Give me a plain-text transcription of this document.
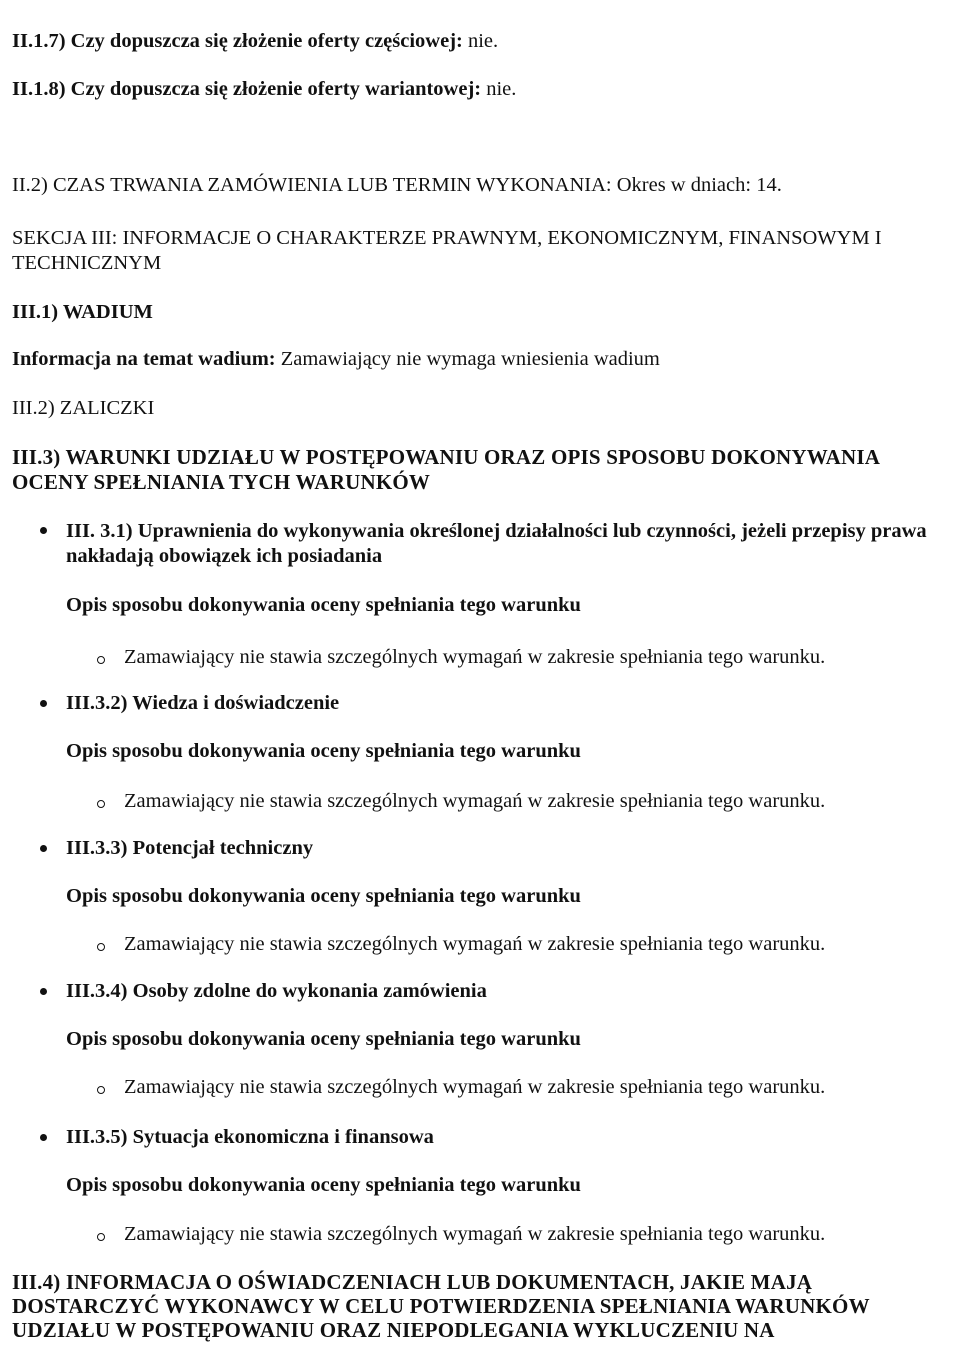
II.1.7) Czy dopuszcza się złożenie oferty częściowej: nie.

II.1.8) Czy dopuszcza się złożenie oferty wariantowej: nie.

II.2) CZAS TRWANIA ZAMÓWIENIA LUB TERMIN WYKONANIA: Okres w dniach: 14.

SEKCJA III: INFORMACJE O CHARAKTERZE PRAWNYM, EKONOMICZNYM, FINANSOWYM I TECHNICZNYM

III.1) WADIUM

Informacja na temat wadium: Zamawiający nie wymaga wniesienia wadium

III.2) ZALICZKI

III.3) WARUNKI UDZIAŁU W POSTĘPOWANIU ORAZ OPIS SPOSOBU DOKONYWANIA OCENY SPEŁNIANIA TYCH WARUNKÓW

III. 3.1) Uprawnienia do wykonywania określonej działalności lub czynności, jeżeli przepisy prawa nakładają obowiązek ich posiadania

Opis sposobu dokonywania oceny spełniania tego warunku

Zamawiający nie stawia szczególnych wymagań w zakresie spełniania tego warunku.

III.3.2) Wiedza i doświadczenie

Opis sposobu dokonywania oceny spełniania tego warunku

Zamawiający nie stawia szczególnych wymagań w zakresie spełniania tego warunku.

III.3.3) Potencjał techniczny

Opis sposobu dokonywania oceny spełniania tego warunku

Zamawiający nie stawia szczególnych wymagań w zakresie spełniania tego warunku.

III.3.4) Osoby zdolne do wykonania zamówienia

Opis sposobu dokonywania oceny spełniania tego warunku

Zamawiający nie stawia szczególnych wymagań w zakresie spełniania tego warunku.

III.3.5) Sytuacja ekonomiczna i finansowa

Opis sposobu dokonywania oceny spełniania tego warunku

Zamawiający nie stawia szczególnych wymagań w zakresie spełniania tego warunku.

III.4) INFORMACJA O OŚWIADCZENIACH LUB DOKUMENTACH, JAKIE MAJĄ DOSTARCZYĆ WYKONAWCY W CELU POTWIERDZENIA SPEŁNIANIA WARUNKÓW UDZIAŁU W POSTĘPOWANIU ORAZ NIEPODLEGANIA WYKLUCZENIU NA
